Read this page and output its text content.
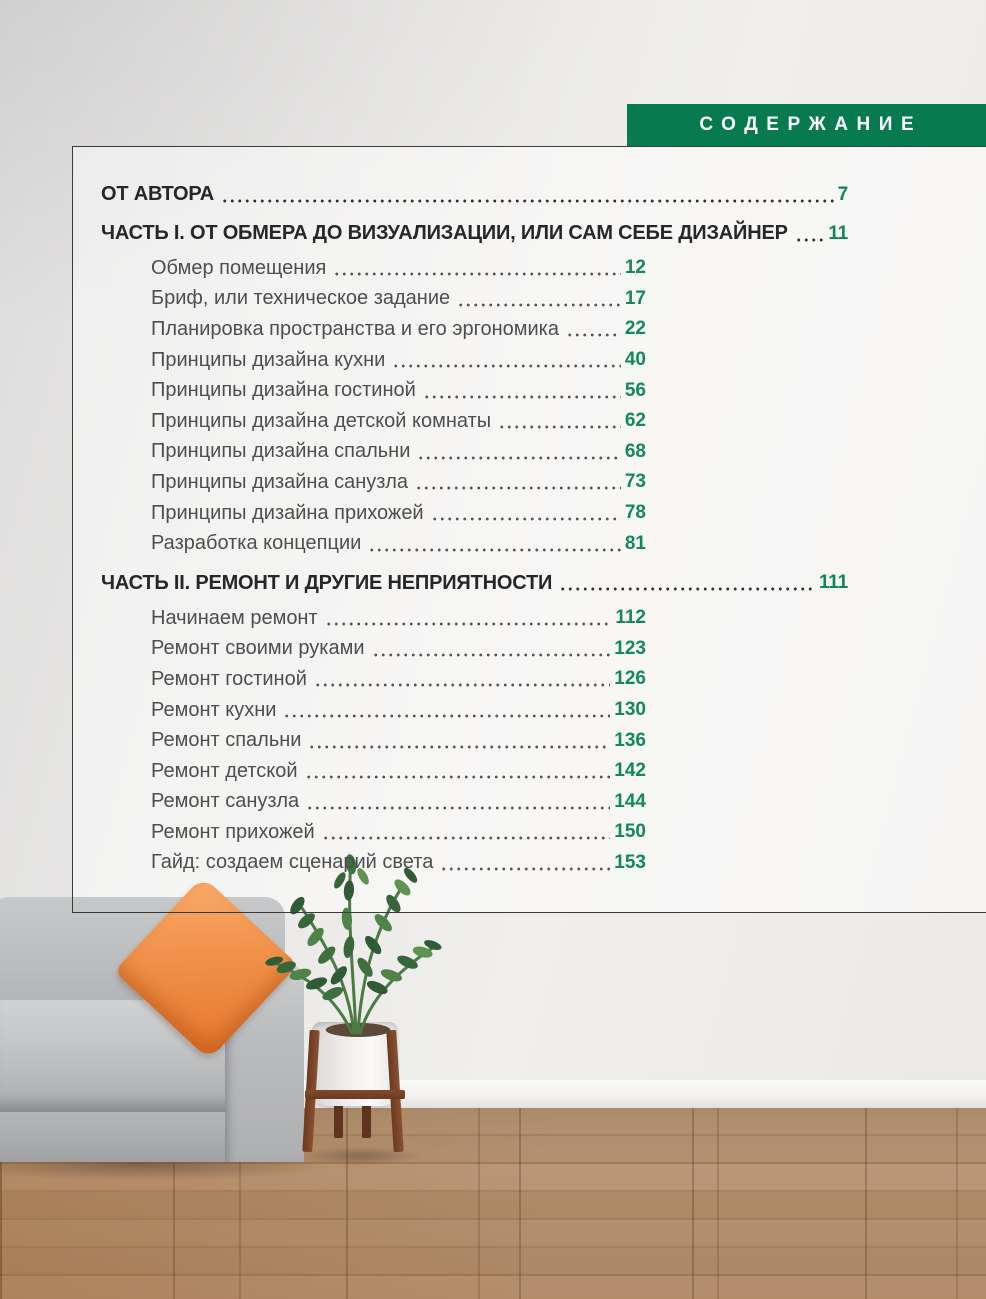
ОТ АВТОРА	7
ЧАСТЬ I. ОТ ОБМЕРА ДО ВИЗУАЛИЗАЦИИ, ИЛИ САМ СЕБЕ ДИЗАЙНЕР 11
Обмер помещения	12
Бриф, или техническое задание	17
Планировка пространства и его эргономика	22
Принципы дизайна кухни	40
Принципы дизайна гостиной	56
Принципы дизайна детской комнаты	62
Принципы дизайна спальни	68
Принципы дизайна санузла	73
Принципы дизайна прихожей	78
Разработка концепции	81
ЧАСТЬ II. РЕМОНТ И ДРУГИЕ НЕПРИЯТНОСТИ	111
Начинаем ремонт	112
Ремонт своими руками	123
Ремонт гостиной	126
Ремонт кухни	130
Ремонт спальни	136
Ремонт детской	142
Ремонт санузла	144
Ремонт прихожей	150
Гайд: создаем сценарий света	153
СОДЕРЖАНИЕ
